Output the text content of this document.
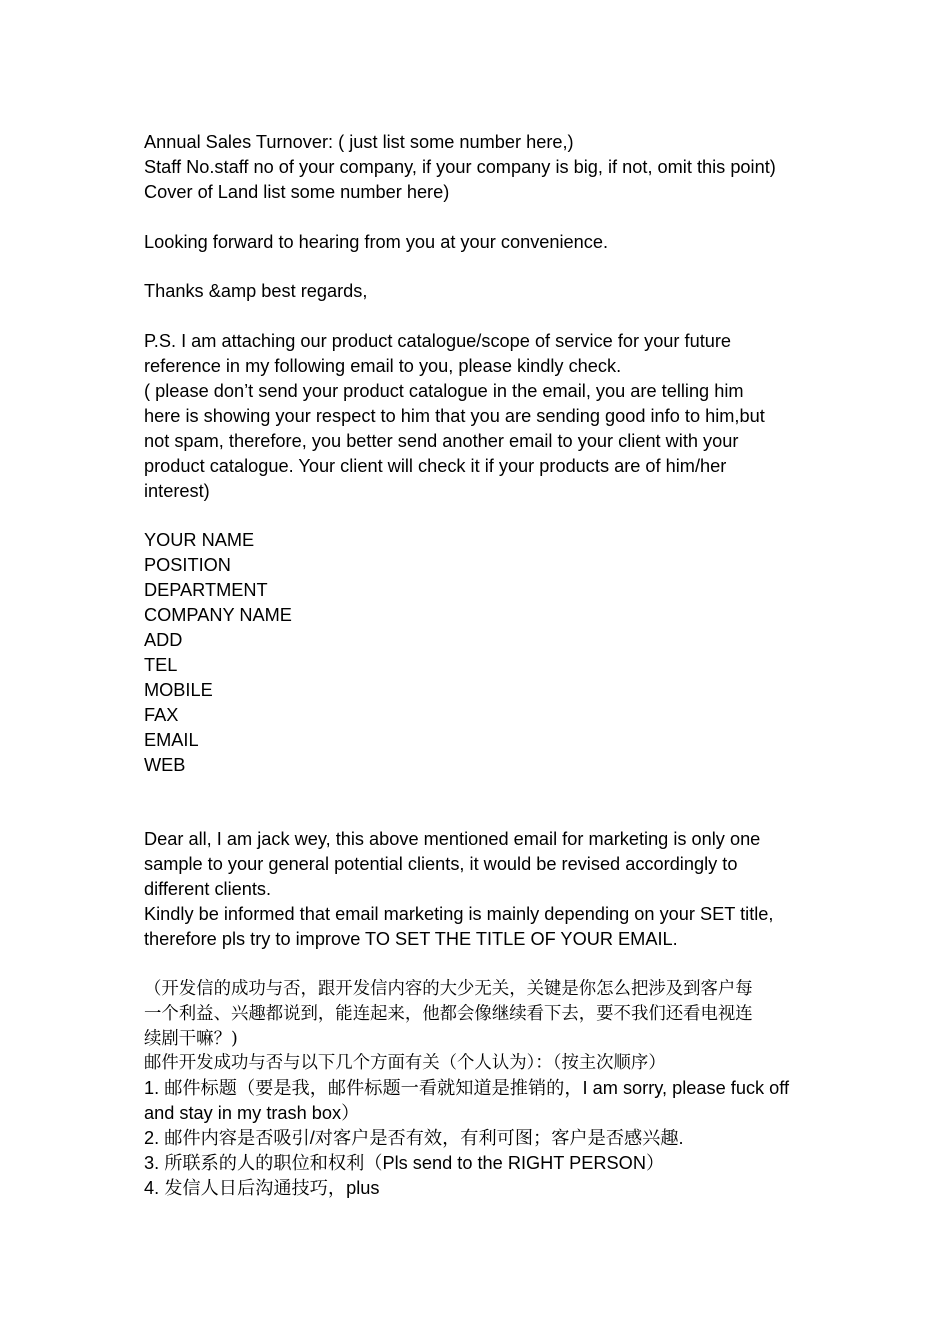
Annual Sales Turnover: ( just list some number here,)
Staff No.staff no of your company, if your company is big, if not, omit this point)
Cover of Land list some number here)
Looking forward to hearing from you at your convenience.
Thanks &amp best regards,
P.S. I am attaching our product catalogue/scope of service for your future
reference in my following email to you, please kindly check.
( please don’t send your product catalogue in the email, you are telling him
here is showing your respect to him that you are sending good info to him,but
not spam, therefore, you better send another email to your client with your
product catalogue. Your client will check it if your products are of him/her
interest)
YOUR NAME
POSITION
DEPARTMENT
COMPANY NAME
ADD
TEL
MOBILE
FAX
EMAIL
WEB
Dear all, I am jack wey, this above mentioned email for marketing is only one
sample to your general potential clients, it would be revised accordingly to
different clients.
Kindly be informed that email marketing is mainly depending on your SET title,
therefore pls try to improve TO SET THE TITLE OF YOUR EMAIL.
（开发信的成功与否，跟开发信内容的大少无关，关键是你怎么把涉及到客户每
一个利益、兴趣都说到，能连起来，他都会像继续看下去，要不我们还看电视连
续剧干嘛？)
邮件开发成功与否与以下几个方面有关（个人认为）：（按主次顺序）
1. 邮件标题（要是我，邮件标题一看就知道是推销的，I am sorry, please fuck off
and stay in my trash box）
2. 邮件内容是否吸引/对客户是否有效，有利可图；客户是否感兴趣.
3. 所联系的人的职位和权利（Pls send to the RIGHT PERSON）
4. 发信人日后沟通技巧，plus
